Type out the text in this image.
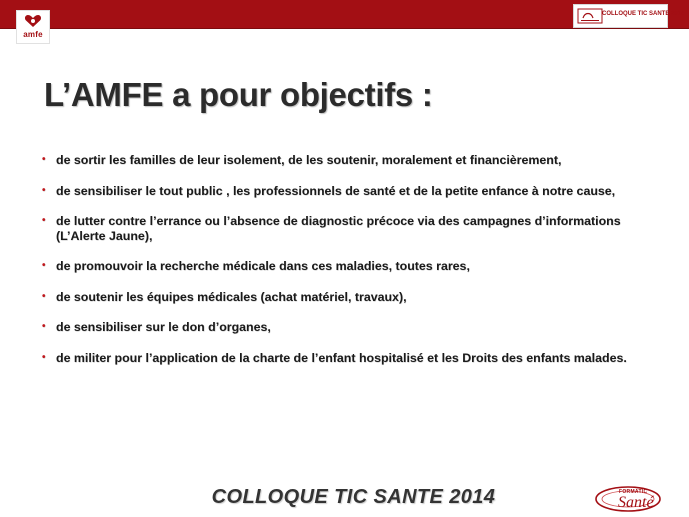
amfe
COLLOQUE TIC SANTE 2014
L’AMFE a pour objectifs :
• de sortir les familles de leur isolement, de les soutenir, moralement et financièrement,
• de sensibiliser le tout public , les professionnels de santé et de la petite enfance à notre cause,
• de lutter contre l’errance ou l’absence de diagnostic précoce via des campagnes d’informations (L’Alerte Jaune),
• de promouvoir la recherche médicale dans ces maladies, toutes rares,
• de soutenir les équipes médicales (achat matériel, travaux),
• de sensibiliser sur le don d’organes,
• de militer pour l’application de la charte de l’enfant hospitalisé et les Droits des enfants malades.
COLLOQUE TIC SANTE 2014	FORMATIC
Santé
